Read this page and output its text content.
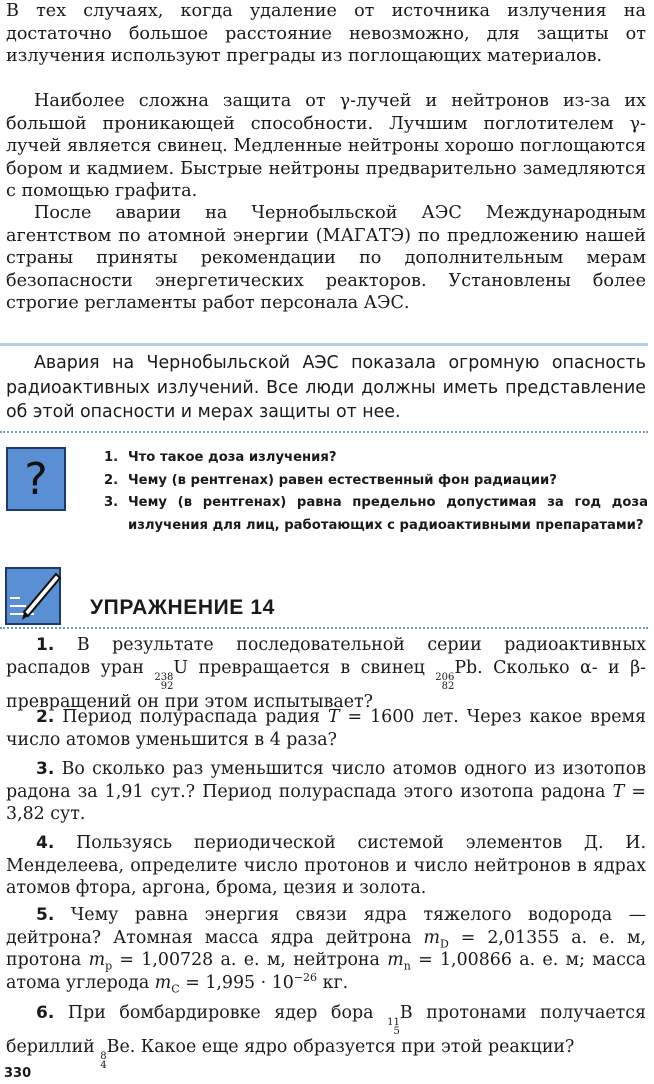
В тех случаях, когда удаление от источника излучения на достаточно большое расстояние невозможно, для защиты от излучения используют преграды из поглощающих материалов.

Наиболее сложна защита от γ-лучей и нейтронов из-за их большой проникающей способности. Лучшим поглотителем γ-лучей является свинец. Медленные нейтроны хорошо поглощаются бором и кадмием. Быстрые нейтроны предварительно замедляются с помощью графита.

После аварии на Чернобыльской АЭС Международным агентством по атомной энергии (МАГАТЭ) по предложению нашей страны приняты рекомендации по дополнительным мерам безопасности энергетических реакторов. Установлены более строгие регламенты работ персонала АЭС.

Авария на Чернобыльской АЭС показала огромную опасность радиоактивных излучений. Все люди должны иметь представление об этой опасности и мерах защиты от нее.

?	1. Что такое доза излучения?
2. Чему (в рентгенах) равен естественный фон радиации?
3. Чему (в рентгенах) равна предельно допустимая за год доза излучения для лиц, работающих с радиоактивными препаратами?
УПРАЖНЕНИЕ 14

1. В результате последовательной серии радиоактивных распадов уран 238
92
U превращается в свинец 206
82
Pb. Сколько α- и β-превращений он при этом испытывает?

2. Период полураспада радия T = 1600 лет. Через какое время число атомов уменьшится в 4 раза?

3. Во сколько раз уменьшится число атомов одного из изотопов радона за 1,91 сут.? Период полураспада этого изотопа радона T = 3,82 сут.

4. Пользуясь периодической системой элементов Д. И. Менделеева, определите число протонов и число нейтронов в ядрах атомов фтора, аргона, брома, цезия и золота.

5. Чему равна энергия связи ядра тяжелого водорода — дейтрона? Атомная масса ядра дейтрона $m_D = 2,01355$ а. е. м, протона $m_p = 1,00728$ а. е. м, нейтрона $m_n = 1,00866$ а. е. м; масса атома углерода $m_C = 1,995 \cdot 10^{-26}$ кг.

6. При бомбардировке ядер бора 11
5
B протонами получается бериллий 8
4
Be. Какое еще ядро образуется при этой реакции?

330
